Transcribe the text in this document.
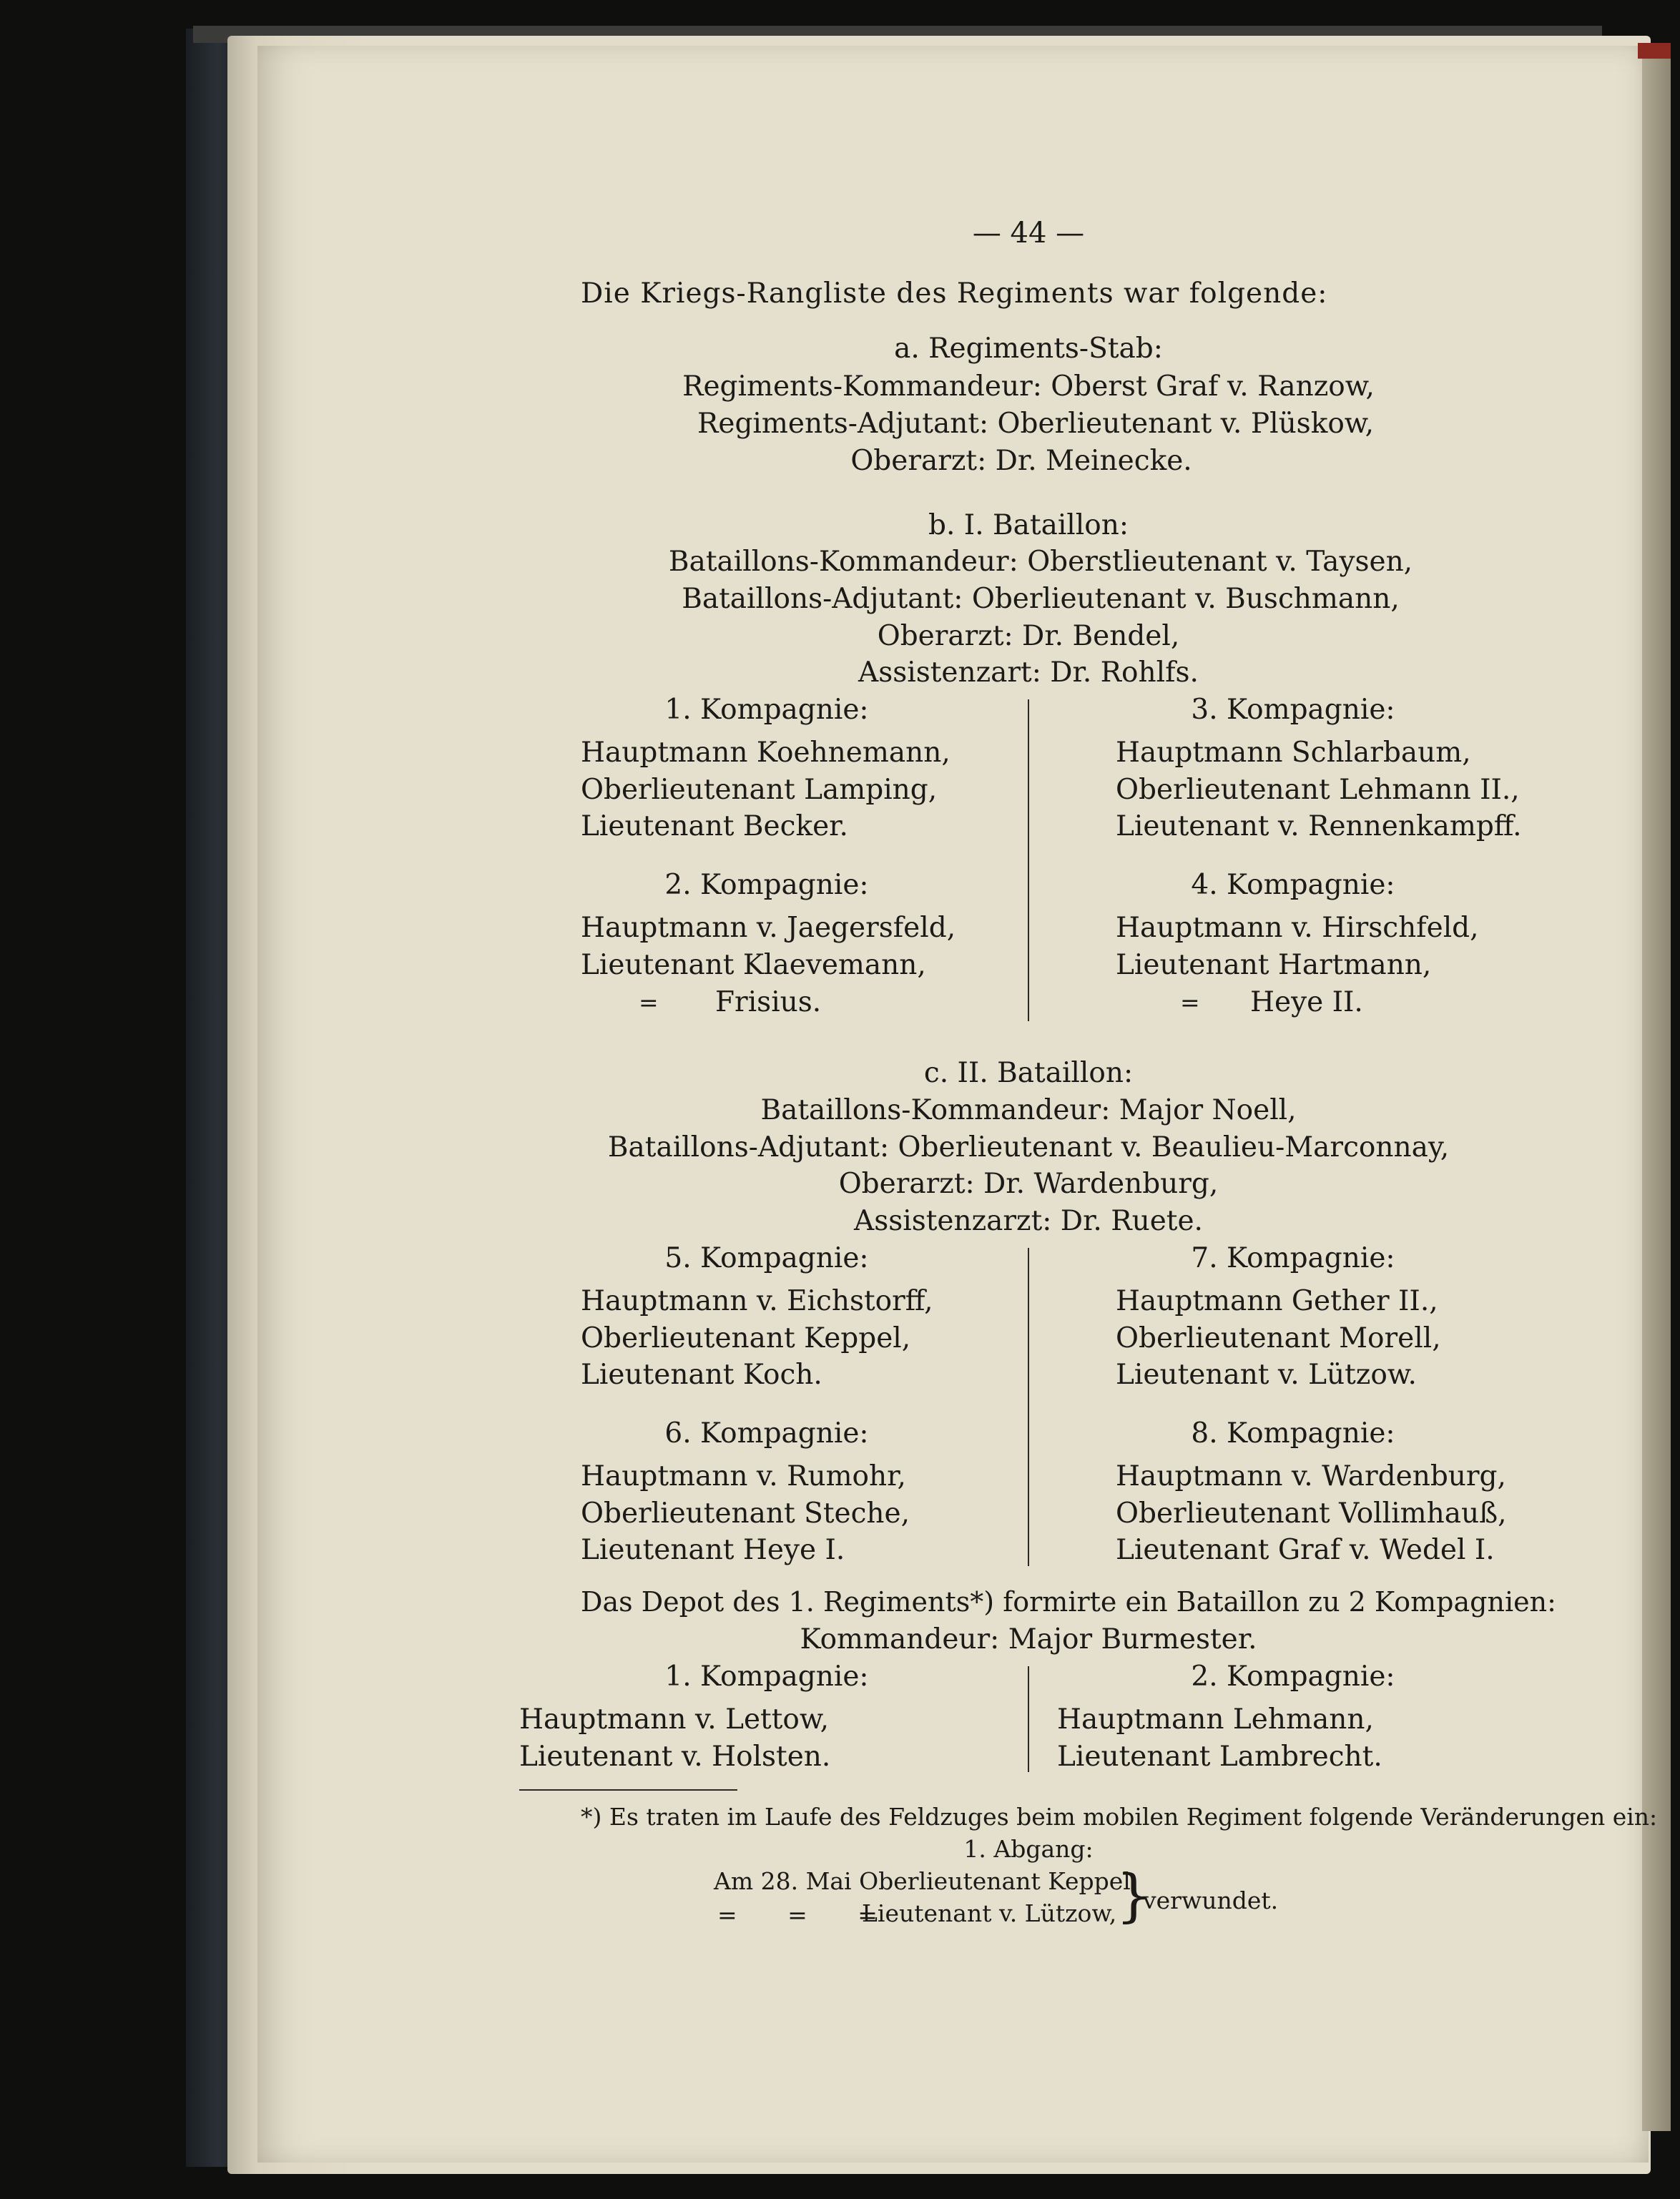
— 44 —
Die Kriegs-Rangliste des Regiments war folgende:
a. Regiments-Stab:
Regiments-Kommandeur: Oberst Graf v. Ranzow,
Regiments-Adjutant: Oberlieutenant v. Plüskow,
Oberarzt: Dr. Meinecke.
b. I. Bataillon:
Bataillons-Kommandeur: Oberstlieutenant v. Taysen,
Bataillons-Adjutant: Oberlieutenant v. Buschmann,
Oberarzt: Dr. Bendel,
Assistenzart: Dr. Rohlfs.
1. Kompagnie:
Hauptmann Koehnemann,
Oberlieutenant Lamping,
Lieutenant Becker.
3. Kompagnie:
Hauptmann Schlarbaum,
Oberlieutenant Lehmann II.,
Lieutenant v. Rennenkampff.
2. Kompagnie:
Hauptmann v. Jaegersfeld,
Lieutenant Klaevemann,
= Frisius.
4. Kompagnie:
Hauptmann v. Hirschfeld,
Lieutenant Hartmann,
= Heye II.
c. II. Bataillon:
Bataillons-Kommandeur: Major Noell,
Bataillons-Adjutant: Oberlieutenant v. Beaulieu-Marconnay,
Oberarzt: Dr. Wardenburg,
Assistenzarzt: Dr. Ruete.
5. Kompagnie:
Hauptmann v. Eichstorff,
Oberlieutenant Keppel,
Lieutenant Koch.
7. Kompagnie:
Hauptmann Gether II.,
Oberlieutenant Morell,
Lieutenant v. Lützow.
6. Kompagnie:
Hauptmann v. Rumohr,
Oberlieutenant Steche,
Lieutenant Heye I.
8. Kompagnie:
Hauptmann v. Wardenburg,
Oberlieutenant Vollimhauß,
Lieutenant Graf v. Wedel I.
Das Depot des 1. Regiments*) formirte ein Bataillon zu 2 Kompagnien:
Kommandeur: Major Burmester.
1. Kompagnie:
Hauptmann v. Lettow,
Lieutenant v. Holsten.
2. Kompagnie:
Hauptmann Lehmann,
Lieutenant Lambrecht.
*) Es traten im Laufe des Feldzuges beim mobilen Regiment folgende Veränderungen ein:
1. Abgang:
Am 28. Mai Oberlieutenant Keppel,
= = =
Lieutenant v. Lützow,
}
verwundet.
